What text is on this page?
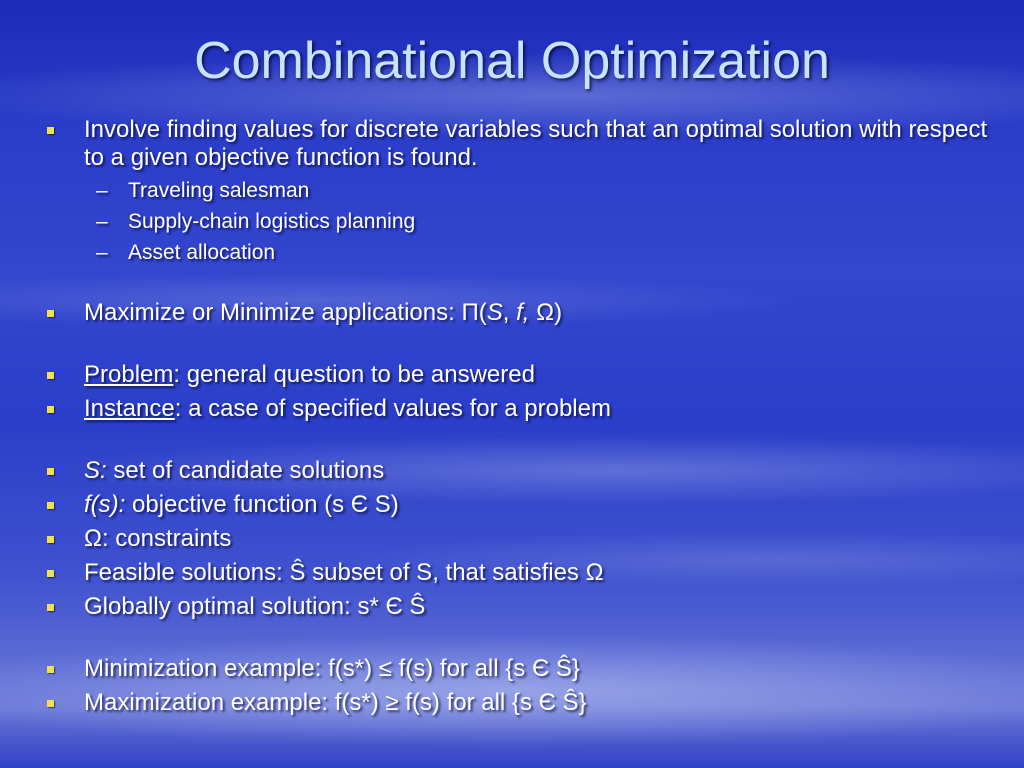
Combinational Optimization
Involve finding values for discrete variables such that an optimal solution with respect to a given objective function is found.
– Traveling salesman
– Supply-chain logistics planning
– Asset allocation
Maximize or Minimize applications: Π(S, f, Ω)
Problem: general question to be answered
Instance: a case of specified values for a problem
S: set of candidate solutions
f(s): objective function (s Є S)
Ω: constraints
Feasible solutions: Ŝ subset of S, that satisfies Ω
Globally optimal solution: s* Є Ŝ
Minimization example: f(s*) ≤ f(s) for all {s Є Ŝ}
Maximization example: f(s*) ≥ f(s) for all {s Є Ŝ}
